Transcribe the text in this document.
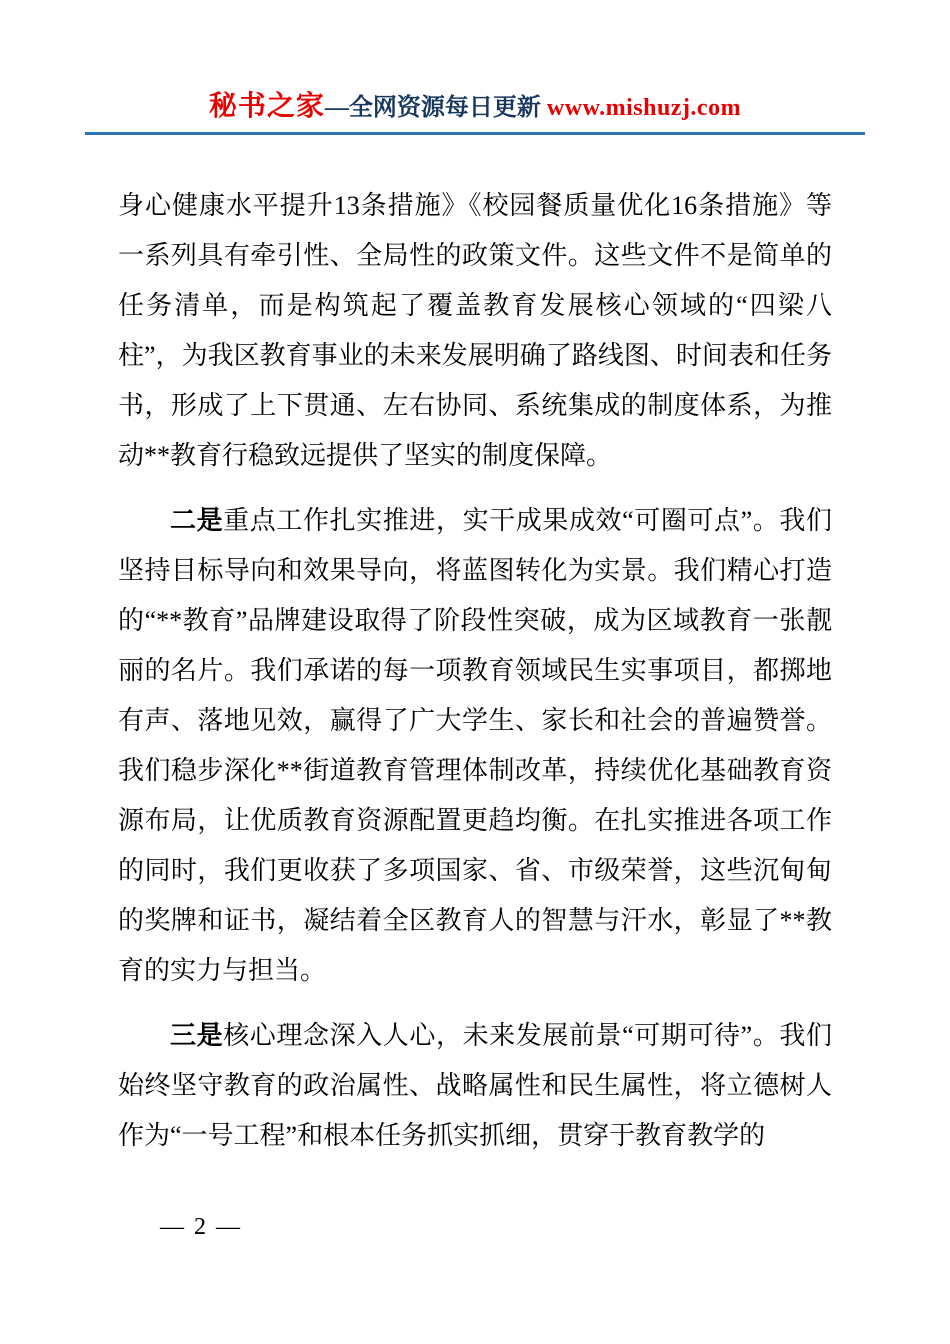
秘书之家—全网资源每日更新 www.mishuzj.com

身心健康水平提升13条措施》《校园餐质量优化16条措施》等一系列具有牵引性、全局性的政策文件。这些文件不是简单的任务清单，而是构筑起了覆盖教育发展核心领域的“四梁八柱”，为我区教育事业的未来发展明确了路线图、时间表和任务书，形成了上下贯通、左右协同、系统集成的制度体系，为推动**教育行稳致远提供了坚实的制度保障。

二是重点工作扎实推进，实干成果成效“可圈可点”。我们坚持目标导向和效果导向，将蓝图转化为实景。我们精心打造的“**教育”品牌建设取得了阶段性突破，成为区域教育一张靓丽的名片。我们承诺的每一项教育领域民生实事项目，都掷地有声、落地见效，赢得了广大学生、家长和社会的普遍赞誉。我们稳步深化**街道教育管理体制改革，持续优化基础教育资源布局，让优质教育资源配置更趋均衡。在扎实推进各项工作的同时，我们更收获了多项国家、省、市级荣誉，这些沉甸甸的奖牌和证书，凝结着全区教育人的智慧与汗水，彰显了**教育的实力与担当。

三是核心理念深入人心，未来发展前景“可期可待”。我们始终坚守教育的政治属性、战略属性和民生属性，将立德树人作为“一号工程”和根本任务抓实抓细，贯穿于教育教学的

— 2 —
